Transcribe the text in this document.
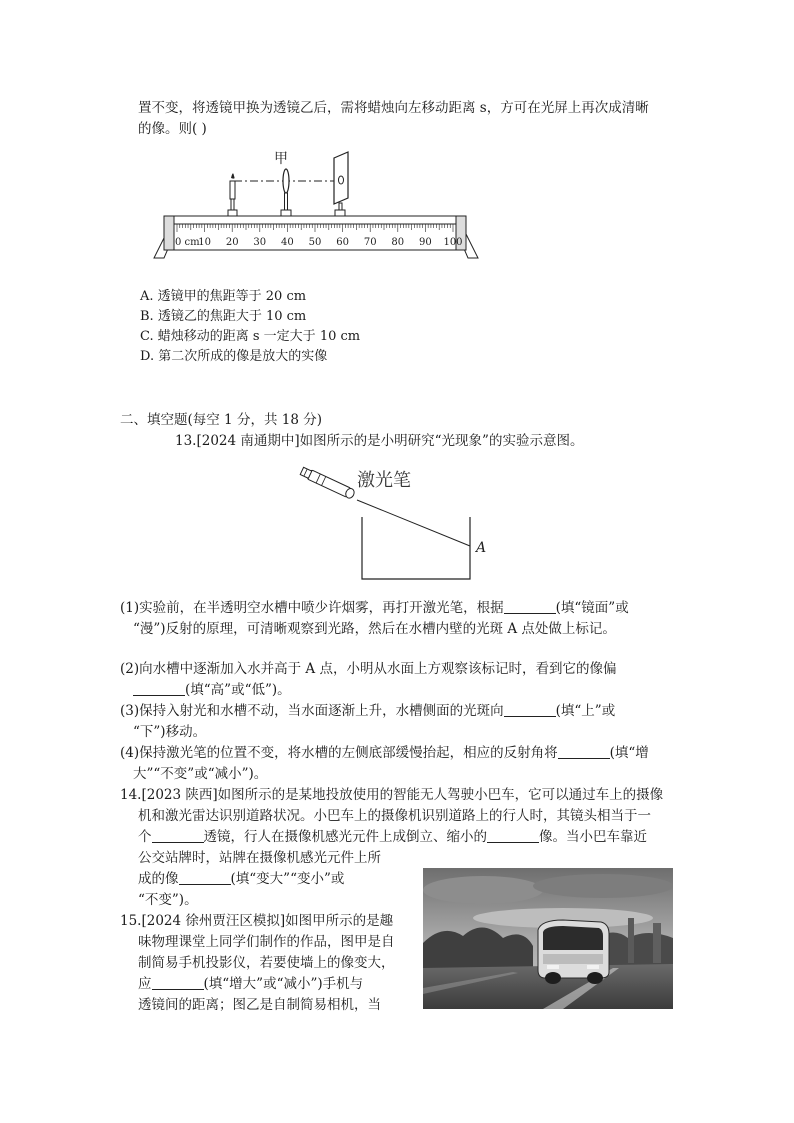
置不变，将透镜甲换为透镜乙后，需将蜡烛向左移动距离 s，方可在光屏上再次成清晰
的像。则( )
0 cm
10 20 30 40 50 60 70 80 90 100
甲
A. 透镜甲的焦距等于 20 cm
B. 透镜乙的焦距大于 10 cm
C. 蜡烛移动的距离 s 一定大于 10 cm
D. 第二次所成的像是放大的实像
二、填空题(每空 1 分，共 18 分)
13.[2024 南通期中]如图所示的是小明研究“光现象”的实验示意图。
激光笔
A
(1)实验前，在半透明空水槽中喷少许烟雾，再打开激光笔，根据	(填“镜面”或
“漫”)反射的原理，可清晰观察到光路，然后在水槽内壁的光斑 A 点处做上标记。
(2)向水槽中逐渐加入水并高于 A 点，小明从水面上方观察该标记时，看到它的像偏
(填“高”或“低”)。
(3)保持入射光和水槽不动，当水面逐渐上升，水槽侧面的光斑向	(填“上”或
“下”)移动。
(4)保持激光笔的位置不变，将水槽的左侧底部缓慢抬起，相应的反射角将	(填“增
大”“不变”或“减小”)。
14.[2023 陕西]如图所示的是某地投放使用的智能无人驾驶小巴车，它可以通过车上的摄像
机和激光雷达识别道路状况。小巴车上的摄像机识别道路上的行人时，其镜头相当于一
个	透镜，行人在摄像机感光元件上成倒立、缩小的	像。当小巴车靠近
公交站牌时，站牌在摄像机感光元件上所
成的像	(填“变大”“变小”或
“不变”)。
15.[2024 徐州贾汪区模拟]如图甲所示的是趣
味物理课堂上同学们制作的作品，图甲是自
制简易手机投影仪，若要使墙上的像变大，
应	(填“增大”或“减小”)手机与
透镜间的距离；图乙是自制简易相机，当
